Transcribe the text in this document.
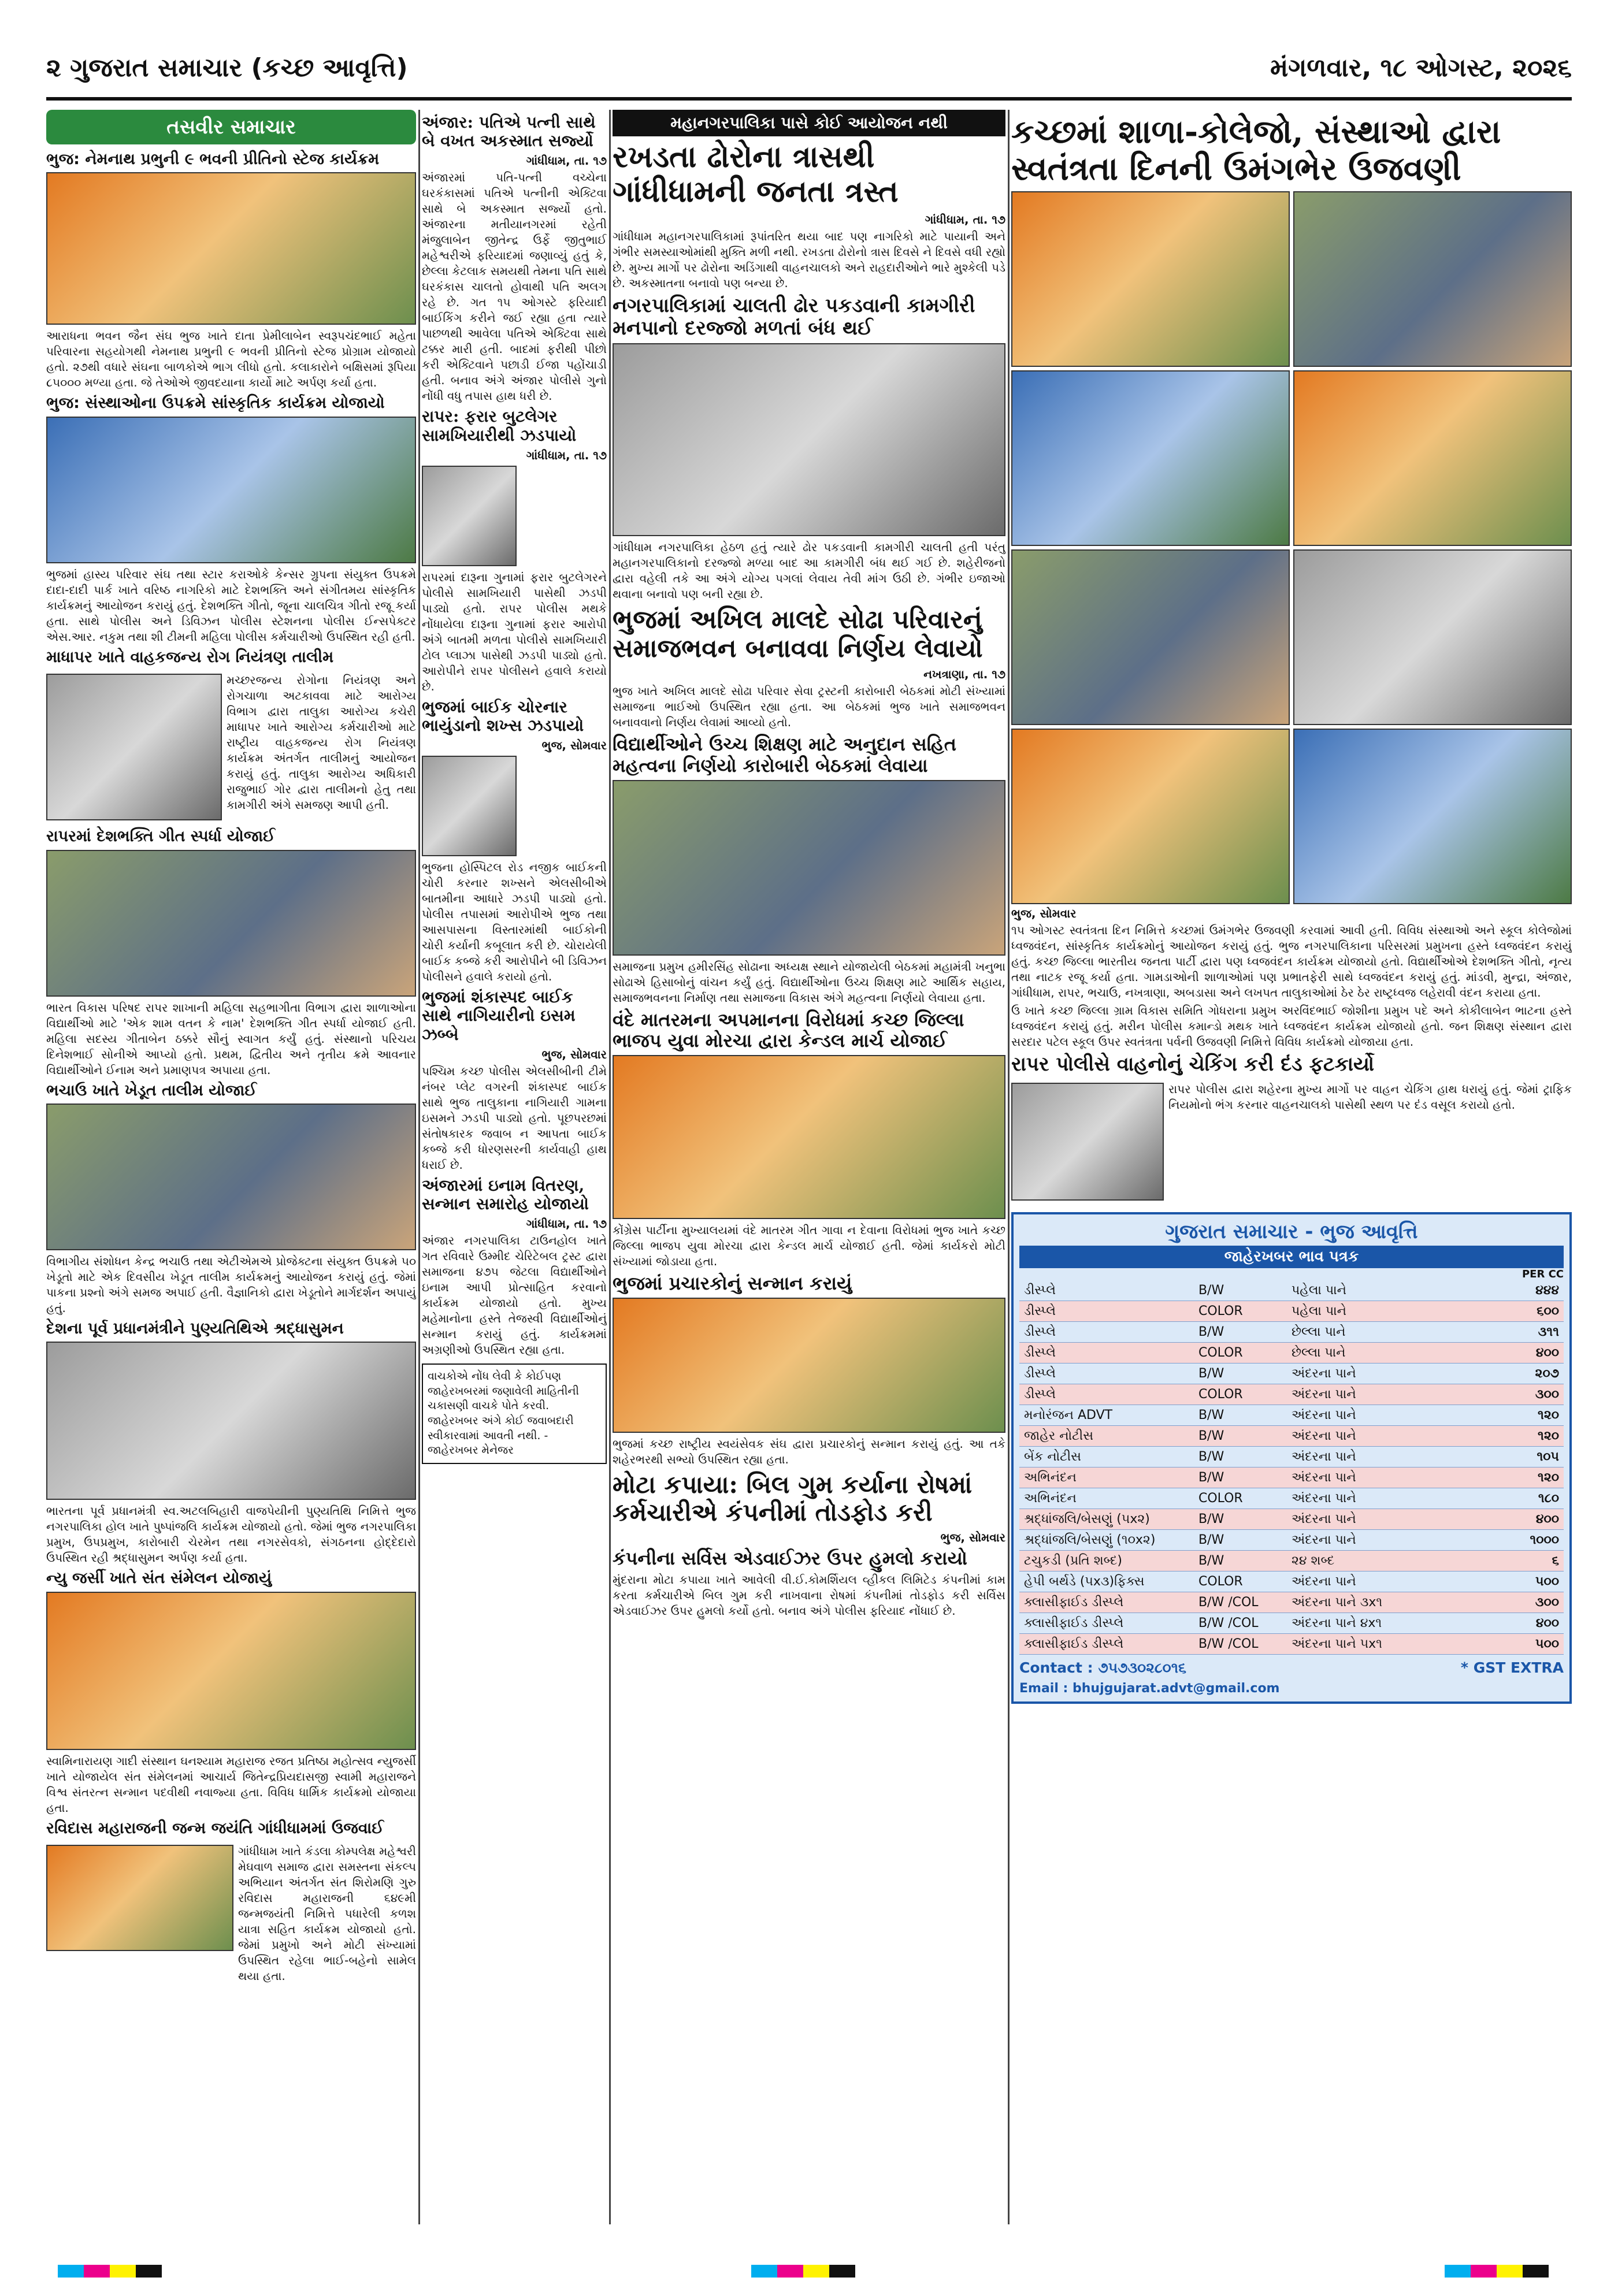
૨ ગુજરાત સમાચાર (કચ્છ આવૃત્તિ)	મંગળવાર, ૧૮ ઓગસ્ટ, ૨૦૨૬
તસવીર સમાચાર
ભુજ: નેમનાથ પ્રભુની ૯ ભવની પ્રીતિનો સ્ટેજ કાર્યક્રમ

આરાધના ભવન જૈન સંઘ ભુજ ખાતે દાતા પ્રેમીલાબેન સ્વરૂપચંદભાઈ મહેતા પરિવારના સહયોગથી નેમનાથ પ્રભુની ૯ ભવની પ્રીતિનો સ્ટેજ પ્રોગ્રામ યોજાયો હતો. ૨૭થી વધારે સંઘના બાળકોએ ભાગ લીધો હતો. કલાકારોને બક્ષિસમાં રૂપિયા ૮૫૦૦૦ મળ્યા હતા. જે તેઓએ જીવદયાના કાર્યો માટે અર્પણ કર્યા હતા.

ભુજ: સંસ્થાઓના ઉપક્રમે સાંસ્કૃતિક કાર્યક્રમ યોજાયો

ભુજમાં હાસ્ય પરિવાર સંઘ તથા સ્ટાર કરાઓકે કેન્સર ગ્રુપના સંયુક્ત ઉપક્રમે દાદા-દાદી પાર્ક ખાતે વરિષ્ઠ નાગરિકો માટે દેશભક્તિ અને સંગીતમય સાંસ્કૃતિક કાર્યક્રમનું આયોજન કરાયું હતું. દેશભક્તિ ગીતો, જૂના ચાલચિત્ર ગીતો રજૂ કર્યા હતા. સાથે પોલીસ અને ડિવિઝન પોલીસ સ્ટેશનના પોલીસ ઈન્સપેક્ટર એસ.આર. નકુમ તથા શી ટીમની મહિલા પોલીસ કર્મચારીઓ ઉપસ્થિત રહી હતી.

માધાપર ખાતે વાહકજન્ય રોગ નિયંત્રણ તાલીમ

મચ્છરજન્ય રોગોના નિયંત્રણ અને રોગચાળા અટકાવવા માટે આરોગ્ય વિભાગ દ્વારા તાલુકા આરોગ્ય કચેરી માધાપર ખાતે આરોગ્ય કર્મચારીઓ માટે રાષ્ટ્રીય વાહકજન્ય રોગ નિયંત્રણ કાર્યક્રમ અંતર્ગત તાલીમનું આયોજન કરાયું હતું. તાલુકા આરોગ્ય અધિકારી રાજુભાઈ ગોર દ્વારા તાલીમનો હેતુ તથા કામગીરી અંગે સમજણ આપી હતી.

રાપરમાં દેશભક્તિ ગીત સ્પર્ધા યોજાઈ

ભારત વિકાસ પરિષદ રાપર શાખાની મહિલા સહભાગીતા વિભાગ દ્વારા શાળાઓના વિદ્યાર્થીઓ માટે 'એક શામ વતન કે નામ' દેશભક્તિ ગીત સ્પર્ધા યોજાઈ હતી. મહિલા સદસ્ય ગીતાબેન ઠક્કરે સૌનું સ્વાગત કર્યું હતું. સંસ્થાનો પરિચય દિનેશભાઈ સોનીએ આપ્યો હતો. પ્રથમ, દ્વિતીય અને તૃતીય ક્રમે આવનાર વિદ્યાર્થીઓને ઈનામ અને પ્રમાણપત્ર અપાયા હતા.

ભચાઉ ખાતે ખેડૂત તાલીમ યોજાઈ

વિભાગીય સંશોધન કેન્દ્ર ભચાઉ તથા એટીએમએ પ્રોજેક્ટના સંયુક્ત ઉપક્રમે ૫૦ ખેડૂતો માટે એક દિવસીય ખેડૂત તાલીમ કાર્યક્રમનું આયોજન કરાયું હતું. જેમાં પાકના પ્રશ્નો અંગે સમજ અપાઈ હતી. વૈજ્ઞાનિકો દ્વારા ખેડૂતોને માર્ગદર્શન અપાયું હતું.

દેશના પૂર્વ પ્રધાનમંત્રીને પુણ્યતિથિએ શ્રદ્ધાસુમન

ભારતના પૂર્વ પ્રધાનમંત્રી સ્વ.અટલબિહારી વાજપેયીની પુણ્યતિથિ નિમિત્તે ભુજ નગરપાલિકા હોલ ખાતે પુષ્પાંજલિ કાર્યક્રમ યોજાયો હતો. જેમાં ભુજ નગરપાલિકા પ્રમુખ, ઉપપ્રમુખ, કારોબારી ચેરમેન તથા નગરસેવકો, સંગઠનના હોદ્દેદારો ઉપસ્થિત રહી શ્રદ્ધાસુમન અર્પણ કર્યા હતા.

ન્યુ જર્સી ખાતે સંત સંમેલન યોજાયું

સ્વામિનારાયણ ગાદી સંસ્થાન ઘનશ્યામ મહારાજ રજત પ્રતિષ્ઠા મહોત્સવ ન્યુજર્સી ખાતે યોજાયેલ સંત સંમેલનમાં આચાર્ય જિતેન્દ્રપ્રિયદાસજી સ્વામી મહારાજને વિશ્વ સંતરત્ન સન્માન પદવીથી નવાજ્યા હતા. વિવિધ ધાર્મિક કાર્યક્રમો યોજાયા હતા.

રવિદાસ મહારાજની જન્મ જયંતિ ગાંધીધામમાં ઉજવાઈ

ગાંધીધામ ખાતે કંડલા કોમ્પલેક્ષ મહેશ્વરી મેઘવાળ સમાજ દ્વારા સમસ્તના સંકલ્પ અભિયાન અંતર્ગત સંત શિરોમણિ ગુરુ રવિદાસ મહારાજની ૬૪૯મી જન્મજયંતી નિમિત્તે પધારેલી કળશ યાત્રા સહિત કાર્યક્રમ યોજાયો હતો. જેમાં પ્રમુખો અને મોટી સંખ્યામાં ઉપસ્થિત રહેલા ભાઈ-બહેનો સામેલ થયા હતા.

અંજાર: પતિએ પત્ની સાથે બે વખત અકસ્માત સર્જ્યો
ગાંધીધામ, તા. ૧૭

અંજારમાં પતિ-પત્ની વચ્ચેના ઘરકંકાસમાં પતિએ પત્નીની એક્ટિવા સાથે બે અકસ્માત સર્જ્યો હતો. અંજારના મતીયાનગરમાં રહેતી મંજુલાબેન જીતેન્દ્ર ઉર્ફે જીતુભાઈ મહેશ્વરીએ ફરિયાદમાં જણાવ્યું હતું કે, છેલ્લા કેટલાક સમયથી તેમના પતિ સાથે ઘરકંકાસ ચાલતો હોવાથી પતિ અલગ રહે છે. ગત ૧૫ ઓગસ્ટે ફરિયાદી બાઈકિંગ કરીને જઈ રહ્યા હતા ત્યારે પાછળથી આવેલા પતિએ એક્ટિવા સાથે ટક્કર મારી હતી. બાદમાં ફરીથી પીછો કરી એક્ટિવાને પછાડી ઈજા પહોંચાડી હતી. બનાવ અંગે અંજાર પોલીસે ગુનો નોંધી વધુ તપાસ હાથ ધરી છે.

રાપર: ફરાર બુટલેગર સામખિયારીથી ઝડપાયો
ગાંધીધામ, તા. ૧૭

રાપરમાં દારૂના ગુનામાં ફરાર બુટલેગરને પોલીસે સામખિયારી પાસેથી ઝડપી પાડ્યો હતો. રાપર પોલીસ મથકે નોંધાયેલા દારૂના ગુનામાં ફરાર આરોપી અંગે બાતમી મળતા પોલીસે સામખિયારી ટોલ પ્લાઝા પાસેથી ઝડપી પાડ્યો હતો. આરોપીને રાપર પોલીસને હવાલે કરાયો છે.

ભુજમાં બાઈક ચોરનાર ભાયુંડાનો શખ્સ ઝડપાયો
ભુજ, સોમવાર

ભુજના હોસ્પિટલ રોડ નજીક બાઈકની ચોરી કરનાર શખ્સને એલસીબીએ બાતમીના આધારે ઝડપી પાડ્યો હતો. પોલીસ તપાસમાં આરોપીએ ભુજ તથા આસપાસના વિસ્તારમાંથી બાઈકોની ચોરી કર્યાની કબૂલાત કરી છે. ચોરાયેલી બાઈક કબ્જે કરી આરોપીને બી ડિવિઝન પોલીસને હવાલે કરાયો હતો.

ભુજમાં શંકાસ્પદ બાઈક સાથે નાગિયારીનો ઇસમ ઝબ્બે
ભુજ, સોમવાર

પશ્ચિમ કચ્છ પોલીસ એલસીબીની ટીમે નંબર પ્લેટ વગરની શંકાસ્પદ બાઈક સાથે ભુજ તાલુકાના નાગિયારી ગામના ઇસમને ઝડપી પાડ્યો હતો. પૂછપરછમાં સંતોષકારક જવાબ ન આપતા બાઈક કબ્જે કરી ધોરણસરની કાર્યવાહી હાથ ધરાઈ છે.

અંજારમાં ઇનામ વિતરણ, સન્માન સમારોહ યોજાયો
ગાંધીધામ, તા. ૧૭

અંજાર નગરપાલિકા ટાઉનહોલ ખાતે ગત રવિવારે ઉમ્મીદ ચેરિટેબલ ટ્રસ્ટ દ્વારા સમાજના ૪૭૫ જેટલા વિદ્યાર્થીઓને ઇનામ આપી પ્રોત્સાહિત કરવાનો કાર્યક્રમ યોજાયો હતો. મુખ્ય મહેમાનોના હસ્તે તેજસ્વી વિદ્યાર્થીઓનું સન્માન કરાયું હતું. કાર્યક્રમમાં અગ્રણીઓ ઉપસ્થિત રહ્યા હતા.

વાચકોએ નોંધ લેવી કે કોઈપણ જાહેરખબરમાં જણાવેલી માહિતીની ચકાસણી વાચકે પોતે કરવી. જાહેરખબર અંગે કોઈ જવાબદારી સ્વીકારવામાં આવતી નથી. - જાહેરખબર મેનેજર
મહાનગરપાલિકા પાસે કોઈ આયોજન નથી
રખડતા ઢોરોના ત્રાસથી ગાંધીધામની જનતા ત્રસ્ત
ગાંધીધામ, તા. ૧૭

ગાંધીધામ મહાનગરપાલિકામાં રૂપાંતરિત થયા બાદ પણ નાગરિકો માટે પાયાની અને ગંભીર સમસ્યાઓમાંથી મુક્તિ મળી નથી. રખડતા ઢોરોનો ત્રાસ દિવસે ને દિવસે વધી રહ્યો છે. મુખ્ય માર્ગો પર ઢોરોના અડિંગાથી વાહનચાલકો અને રાહદારીઓને ભારે મુશ્કેલી પડે છે. અકસ્માતના બનાવો પણ બન્યા છે.

નગરપાલિકામાં ચાલતી ઢોર પકડવાની કામગીરી મનપાનો દરજ્જો મળતાં બંધ થઈ

ગાંધીધામ નગરપાલિકા હેઠળ હતું ત્યારે ઢોર પકડવાની કામગીરી ચાલતી હતી પરંતુ મહાનગરપાલિકાનો દરજ્જો મળ્યા બાદ આ કામગીરી બંધ થઈ ગઈ છે. શહેરીજનો દ્વારા વહેલી તકે આ અંગે યોગ્ય પગલાં લેવાય તેવી માંગ ઉઠી છે. ગંભીર ઇજાઓ થવાના બનાવો પણ બની રહ્યા છે.

ભુજમાં અખિલ માલદે સોઢા પરિવારનું સમાજભવન બનાવવા નિર્ણય લેવાયો
નખત્રાણા, તા. ૧૭

ભુજ ખાતે અખિલ માલદે સોઢા પરિવાર સેવા ટ્રસ્ટની કારોબારી બેઠકમાં મોટી સંખ્યામાં સમાજના ભાઈઓ ઉપસ્થિત રહ્યા હતા. આ બેઠકમાં ભુજ ખાતે સમાજભવન બનાવવાનો નિર્ણય લેવામાં આવ્યો હતો.

વિદ્યાર્થીઓને ઉચ્ચ શિક્ષણ માટે અનુદાન સહિત મહત્વના નિર્ણયો કારોબારી બેઠકમાં લેવાયા

સમાજના પ્રમુખ હમીરસિંહ સોઢાના અધ્યક્ષ સ્થાને યોજાયેલી બેઠકમાં મહામંત્રી ખનુભા સોઢાએ હિસાબોનું વાંચન કર્યું હતું. વિદ્યાર્થીઓના ઉચ્ચ શિક્ષણ માટે આર્થિક સહાય, સમાજભવનના નિર્માણ તથા સમાજના વિકાસ અંગે મહત્વના નિર્ણયો લેવાયા હતા.

વંદે માતરમના અપમાનના વિરોધમાં કચ્છ જિલ્લા ભાજપ યુવા મોરચા દ્વારા કેન્ડલ માર્ચ યોજાઈ

કોંગ્રેસ પાર્ટીના મુખ્યાલયમાં વંદે માતરમ ગીત ગાવા ન દેવાના વિરોધમાં ભુજ ખાતે કચ્છ જિલ્લા ભાજપ યુવા મોરચા દ્વારા કેન્ડલ માર્ચ યોજાઈ હતી. જેમાં કાર્યકરો મોટી સંખ્યામાં જોડાયા હતા.

ભુજમાં પ્રચારકોનું સન્માન કરાયું

ભુજમાં કચ્છ રાષ્ટ્રીય સ્વયંસેવક સંઘ દ્વારા પ્રચારકોનું સન્માન કરાયું હતું. આ તકે શહેરભરથી સભ્યો ઉપસ્થિત રહ્યા હતા.

મોટા કપાયા: બિલ ગુમ કર્યાના રોષમાં કર્મચારીએ કંપનીમાં તોડફોડ કરી
ભુજ, સોમવાર
કંપનીના સર્વિસ એડવાઈઝર ઉપર હુમલો કરાયો

મુંદરાના મોટા કપાયા ખાતે આવેલી વી.ઈ.કોમર્શિયલ વ્હીકલ લિમિટેડ કંપનીમાં કામ કરતા કર્મચારીએ બિલ ગુમ કરી નાખવાના રોષમાં કંપનીમાં તોડફોડ કરી સર્વિસ એડવાઈઝર ઉપર હુમલો કર્યો હતો. બનાવ અંગે પોલીસ ફરિયાદ નોંધાઈ છે.

કચ્છમાં શાળા-કોલેજો, સંસ્થાઓ દ્વારા સ્વતંત્રતા દિનની ઉમંગભેર ઉજવણી
ભુજ, સોમવાર

૧૫ ઓગસ્ટ સ્વતંત્રતા દિન નિમિત્તે કચ્છમાં ઉમંગભેર ઉજવણી કરવામાં આવી હતી. વિવિધ સંસ્થાઓ અને સ્કૂલ કોલેજોમાં ધ્વજવંદન, સાંસ્કૃતિક કાર્યક્રમોનું આયોજન કરાયું હતું. ભુજ નગરપાલિકાના પરિસરમાં પ્રમુખના હસ્તે ધ્વજવંદન કરાયું હતું. કચ્છ જિલ્લા ભારતીય જનતા પાર્ટી દ્વારા પણ ધ્વજવંદન કાર્યક્રમ યોજાયો હતો. વિદ્યાર્થીઓએ દેશભક્તિ ગીતો, નૃત્ય તથા નાટક રજૂ કર્યા હતા. ગામડાઓની શાળાઓમાં પણ પ્રભાતફેરી સાથે ધ્વજવંદન કરાયું હતું. માંડવી, મુન્દ્રા, અંજાર, ગાંધીધામ, રાપર, ભચાઉ, નખત્રાણા, અબડાસા અને લખપત તાલુકાઓમાં ઠેર ઠેર રાષ્ટ્રધ્વજ લહેરાવી વંદન કરાયા હતા.

ઉ ખાતે કચ્છ જિલ્લા ગ્રામ વિકાસ સમિતિ ગોધરાના પ્રમુખ અરવિંદભાઈ જોશીના પ્રમુખ પદે અને કોકીલાબેન ભાટના હસ્તે ધ્વજવંદન કરાયું હતું. મરીન પોલીસ કમાન્ડો મથક ખાતે ધ્વજવંદન કાર્યક્રમ યોજાયો હતો. જન શિક્ષણ સંસ્થાન દ્વારા સરદાર પટેલ સ્કૂલ ઉપર સ્વતંત્રતા પર્વની ઉજવણી નિમિત્તે વિવિધ કાર્યક્રમો યોજાયા હતા.

રાપર પોલીસે વાહનોનું ચેકિંગ કરી દંડ ફટકાર્યો

રાપર પોલીસ દ્વારા શહેરના મુખ્ય માર્ગો પર વાહન ચેકિંગ હાથ ધરાયું હતું. જેમાં ટ્રાફિક નિયમોનો ભંગ કરનાર વાહનચાલકો પાસેથી સ્થળ પર દંડ વસૂલ કરાયો હતો.

ગુજરાત સમાચાર - ભુજ આવૃત્તિ
જાહેરખબર ભાવ પત્રક
PER CC
ડીસ્પ્લે	B/W	પહેલા પાને	૪૪૪
ડીસ્પ્લે	COLOR	પહેલા પાને	૬૦૦
ડીસ્પ્લે	B/W	છેલ્લા પાને	૩૧૧
ડીસ્પ્લે	COLOR	છેલ્લા પાને	૪૦૦
ડીસ્પ્લે	B/W	અંદરના પાને	૨૦૭
ડીસ્પ્લે	COLOR	અંદરના પાને	૩૦૦
મનોરંજન ADVT	B/W	અંદરના પાને	૧૨૦
જાહેર નોટીસ	B/W	અંદરના પાને	૧૨૦
બેંક નોટીસ	B/W	અંદરના પાને	૧૦૫
અભિનંદન	B/W	અંદરના પાને	૧૨૦
અભિનંદન	COLOR	અંદરના પાને	૧૮૦
શ્રદ્ધાંજલિ/બેસણું (૫x૨)	B/W	અંદરના પાને	૪૦૦
શ્રદ્ધાંજલિ/બેસણું (૧૦x૨)	B/W	અંદરના પાને	૧૦૦૦
ટચુકડી (પ્રતિ શબ્દ)	B/W	૨૪ શબ્દ	૬
હેપી બર્થડે (૫x૩)ફિક્સ	COLOR	અંદરના પાને	૫૦૦
ક્લાસીફાઈડ ડીસ્પ્લે	B/W /COL	અંદરના પાને ૩x૧	૩૦૦
ક્લાસીફાઈડ ડીસ્પ્લે	B/W /COL	અંદરના પાને ૪x૧	૪૦૦
ક્લાસીફાઈડ ડીસ્પ્લે	B/W /COL	અંદરના પાને ૫x૧	૫૦૦
Contact : ૭૫૭૩૦૨૮૦૧૬	* GST EXTRA
Email : bhujgujarat.advt@gmail.com
